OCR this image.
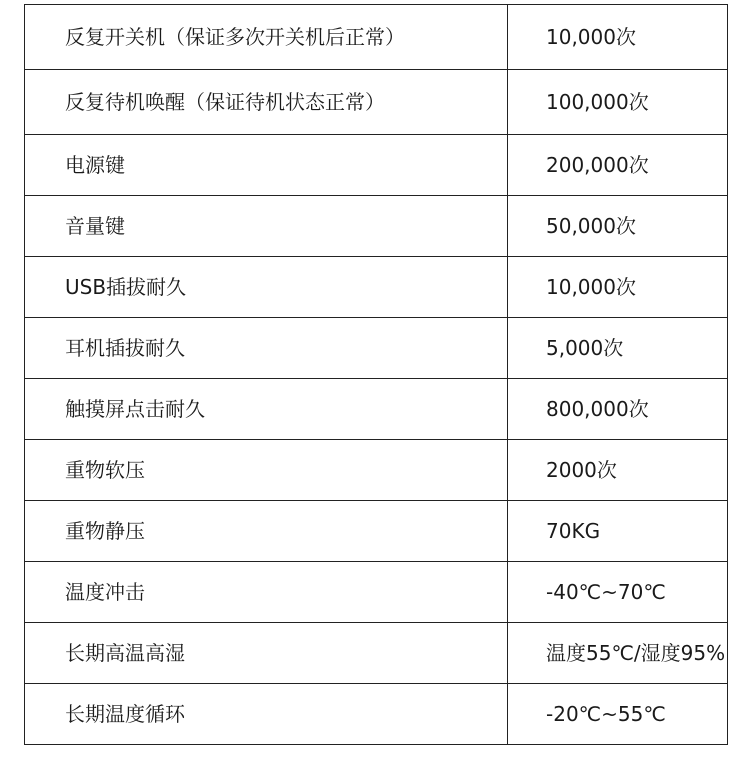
反复开关机（保证多次开关机后正常）	10,000次
反复待机唤醒（保证待机状态正常）	100,000次
电源键	200,000次
音量键	50,000次
USB插拔耐久	10,000次
耳机插拔耐久	5,000次
触摸屏点击耐久	800,000次
重物软压	2000次
重物静压	70KG
温度冲击	-40℃~70℃
长期高温高湿	温度55℃/湿度95%
长期温度循环	-20℃~55℃
